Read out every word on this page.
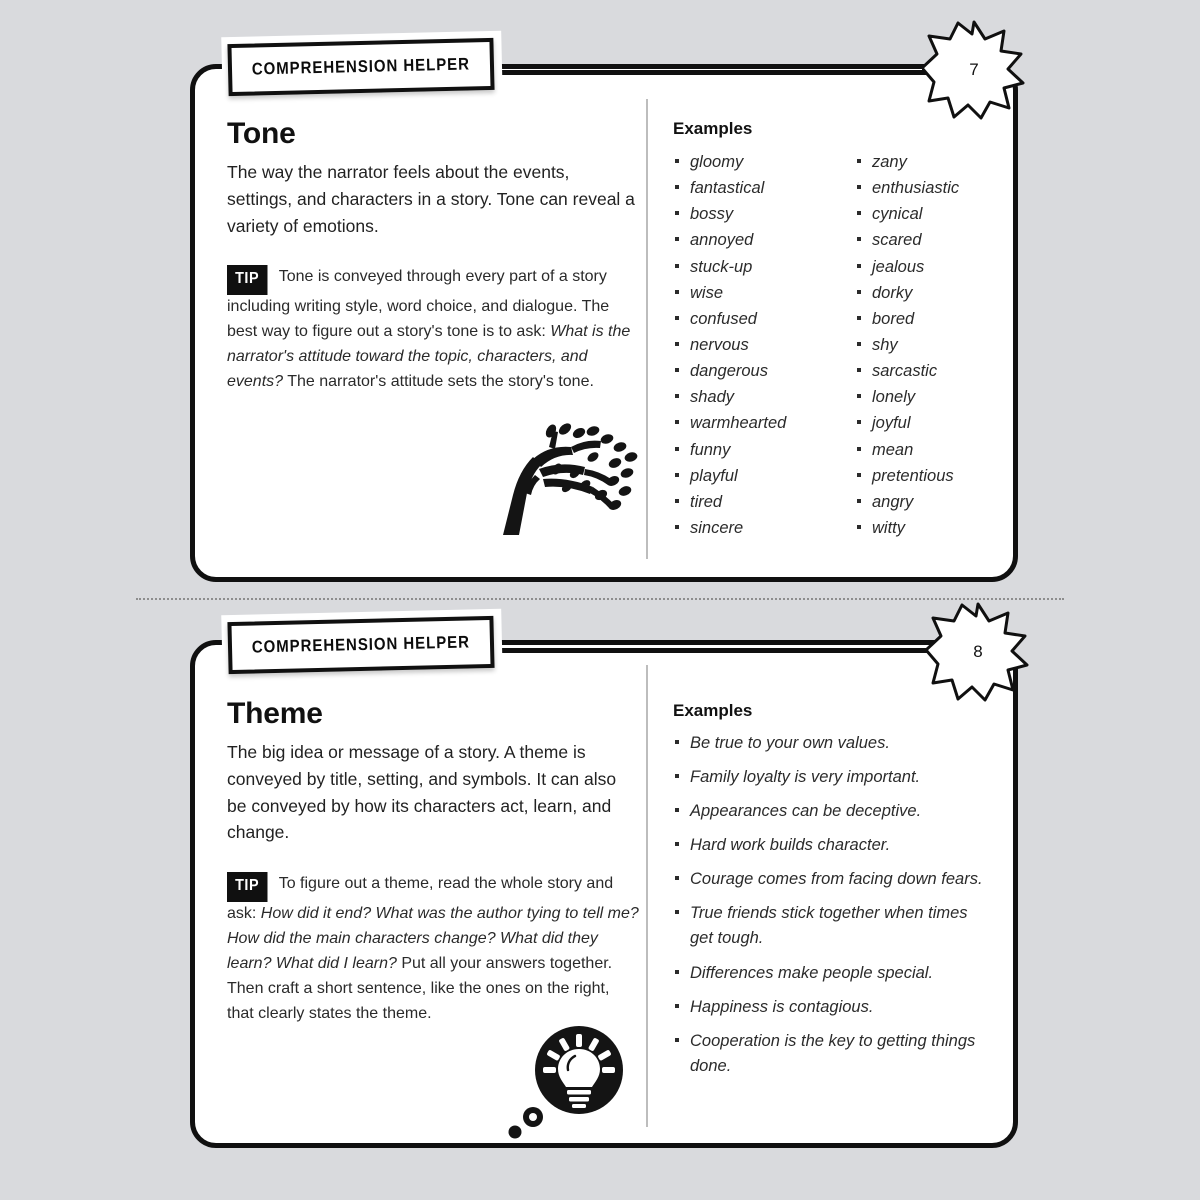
Tone

The way the narrator feels about the events, settings, and characters in a story. Tone can reveal a variety of emotions.

TIP Tone is conveyed through every part of a story including writing style, word choice, and dialogue. The best way to figure out a story's tone is to ask: What is the narrator's attitude toward the topic, characters, and events? The narrator's attitude sets the story's tone.
Examples
gloomy
fantastical
bossy
annoyed
stuck-up
wise
confused
nervous
dangerous
shady
warmhearted
funny
playful
tired
sincere
zany
enthusiastic
cynical
scared
jealous
dorky
bored
shy
sarcastic
lonely
joyful
mean
pretentious
angry
witty
COMPREHENSION HELPER	7
Theme

The big idea or message of a story. A theme is conveyed by title, setting, and symbols. It can also be conveyed by how its characters act, learn, and change.

TIP To figure out a theme, read the whole story and ask: How did it end? What was the author tying to tell me? How did the main characters change? What did they learn? What did I learn? Put all your answers together. Then craft a short sentence, like the ones on the right, that clearly states the theme.
Examples
Be true to your own values.
Family loyalty is very important.
Appearances can be deceptive.
Hard work builds character.
Courage comes from facing down fears.
True friends stick together when times get tough.
Differences make people special.
Happiness is contagious.
Cooperation is the key to getting things done.
COMPREHENSION HELPER	8
